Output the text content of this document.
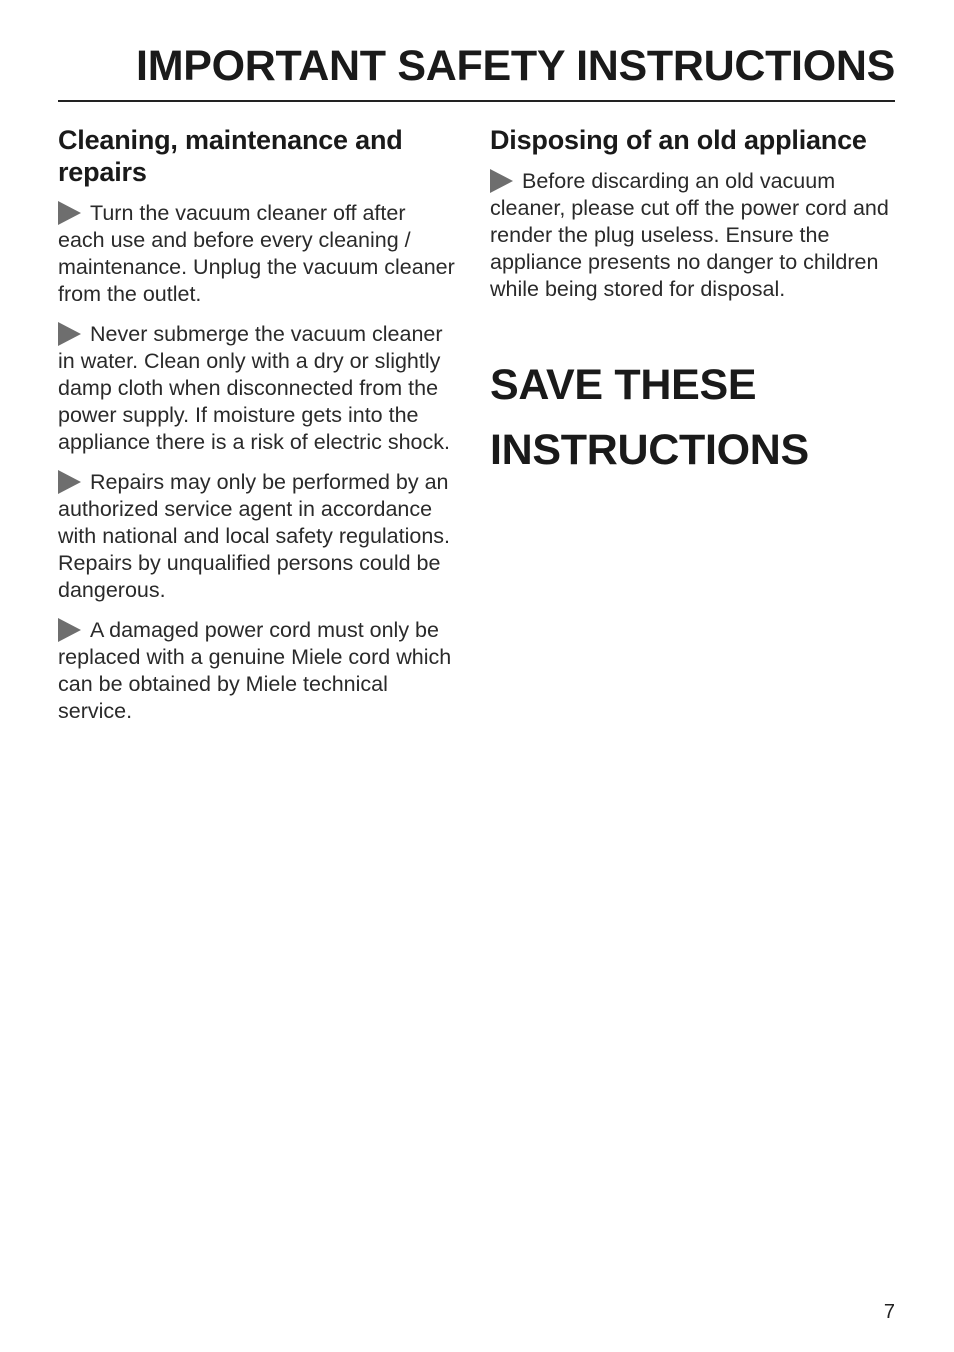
IMPORTANT SAFETY INSTRUCTIONS
Cleaning, maintenance and repairs

Turn the vacuum cleaner off after each use and before every cleaning / maintenance. Unplug the vacuum cleaner from the outlet.

Never submerge the vacuum cleaner in water. Clean only with a dry or slightly damp cloth when disconnected from the power supply. If moisture gets into the appliance there is a risk of electric shock.

Repairs may only be performed by an authorized service agent in accordance with national and local safety regulations. Repairs by unqualified persons could be dangerous.

A damaged power cord must only be replaced with a genuine Miele cord which can be obtained by Miele technical service.

Disposing of an old appliance

Before discarding an old vacuum cleaner, please cut off the power cord and render the plug useless. Ensure the appliance presents no danger to children while being stored for disposal.

SAVE THESE
INSTRUCTIONS
7
